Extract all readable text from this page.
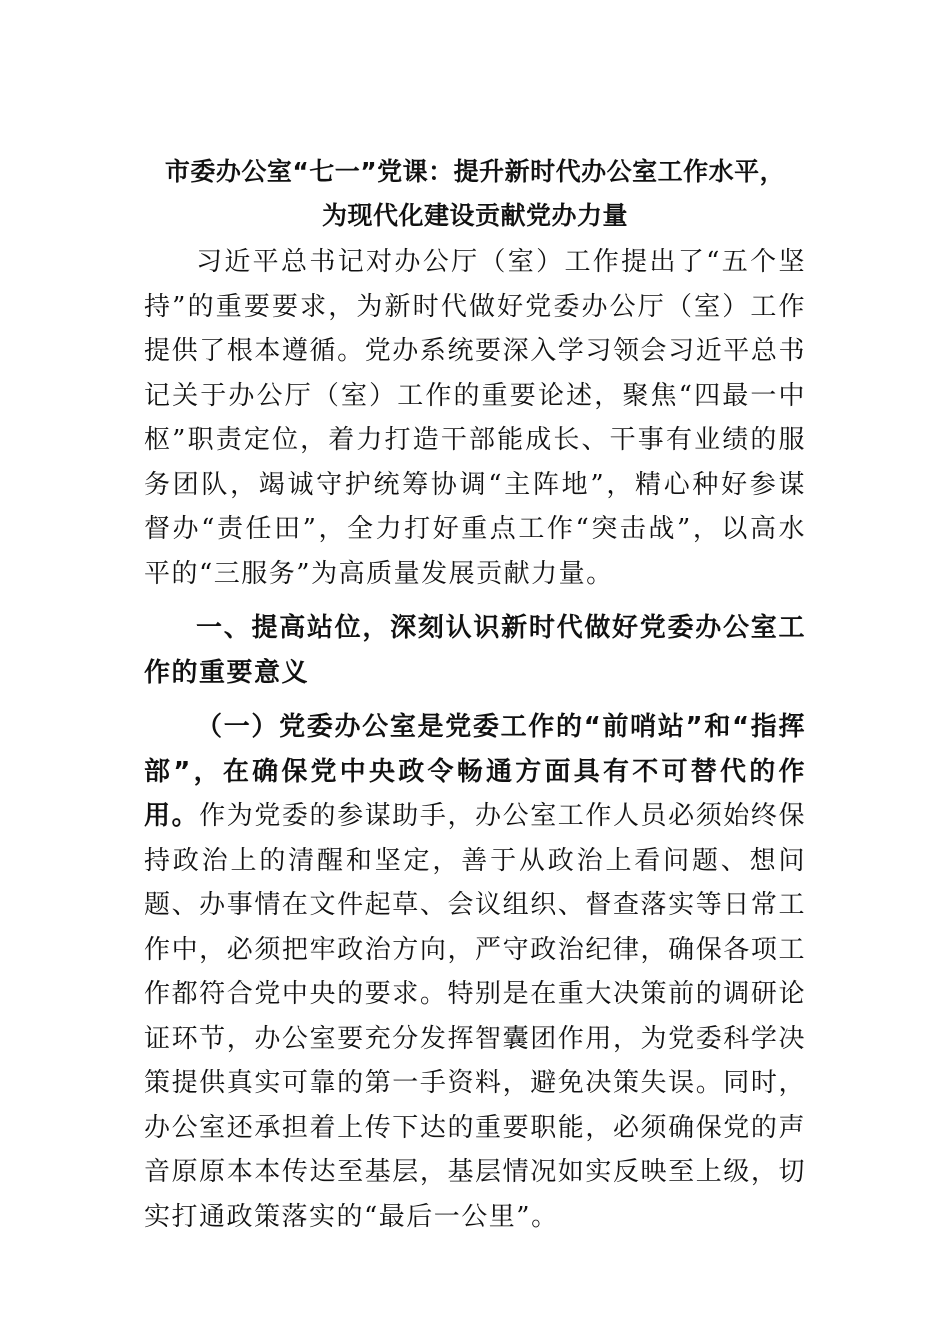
市委办公室“七一”党课：提升新时代办公室工作水平，
为现代化建设贡献党办力量

习近平总书记对办公厅（室）工作提出了“五个坚持”的重要要求，为新时代做好党委办公厅（室）工作提供了根本遵循。党办系统要深入学习领会习近平总书记关于办公厅（室）工作的重要论述，聚焦“四最一中枢”职责定位，着力打造干部能成长、干事有业绩的服务团队，竭诚守护统筹协调“主阵地”，精心种好参谋督办“责任田”，全力打好重点工作“突击战”，以高水平的“三服务”为高质量发展贡献力量。

一、提高站位，深刻认识新时代做好党委办公室工作的重要意义

（一）党委办公室是党委工作的“前哨站”和“指挥部”，在确保党中央政令畅通方面具有不可替代的作用。作为党委的参谋助手，办公室工作人员必须始终保持政治上的清醒和坚定，善于从政治上看问题、想问题、办事情在文件起草、会议组织、督查落实等日常工作中，必须把牢政治方向，严守政治纪律，确保各项工作都符合党中央的要求。特别是在重大决策前的调研论证环节，办公室要充分发挥智囊团作用，为党委科学决策提供真实可靠的第一手资料，避免决策失误。同时，办公室还承担着上传下达的重要职能，必须确保党的声音原原本本传达至基层，基层情况如实反映至上级，切实打通政策落实的“最后一公里”。
